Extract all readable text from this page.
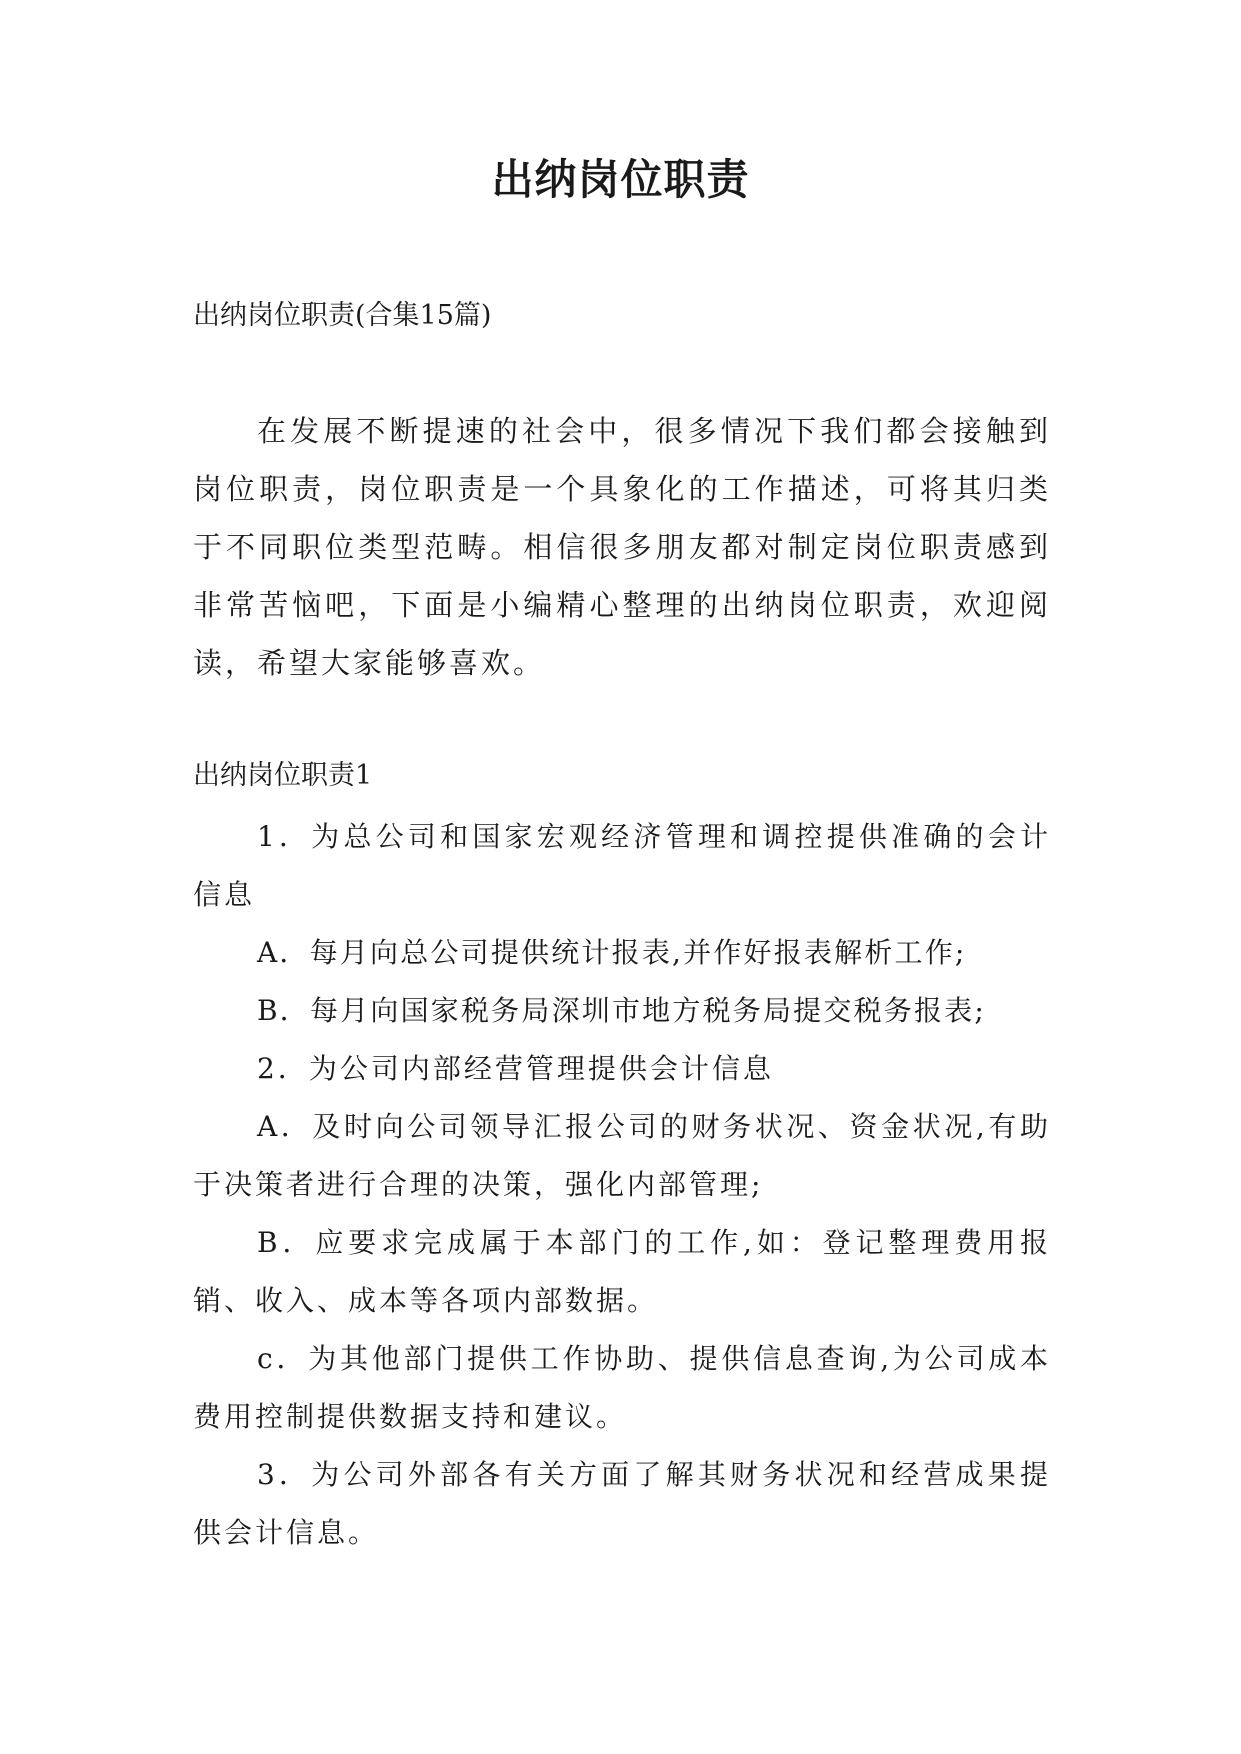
出纳岗位职责

出纳岗位职责(合集15篇)

在发展不断提速的社会中，很多情况下我们都会接触到岗位职责，岗位职责是一个具象化的工作描述，可将其归类于不同职位类型范畴。相信很多朋友都对制定岗位职责感到非常苦恼吧，下面是小编精心整理的出纳岗位职责，欢迎阅读，希望大家能够喜欢。

出纳岗位职责1

1．为总公司和国家宏观经济管理和调控提供准确的会计信息

A．每月向总公司提供统计报表,并作好报表解析工作;

B．每月向国家税务局深圳市地方税务局提交税务报表;

2．为公司内部经营管理提供会计信息

A．及时向公司领导汇报公司的财务状况、资金状况,有助于决策者进行合理的决策，强化内部管理;

B．应要求完成属于本部门的工作,如：登记整理费用报销、收入、成本等各项内部数据。

c．为其他部门提供工作协助、提供信息查询,为公司成本费用控制提供数据支持和建议。

3．为公司外部各有关方面了解其财务状况和经营成果提供会计信息。
